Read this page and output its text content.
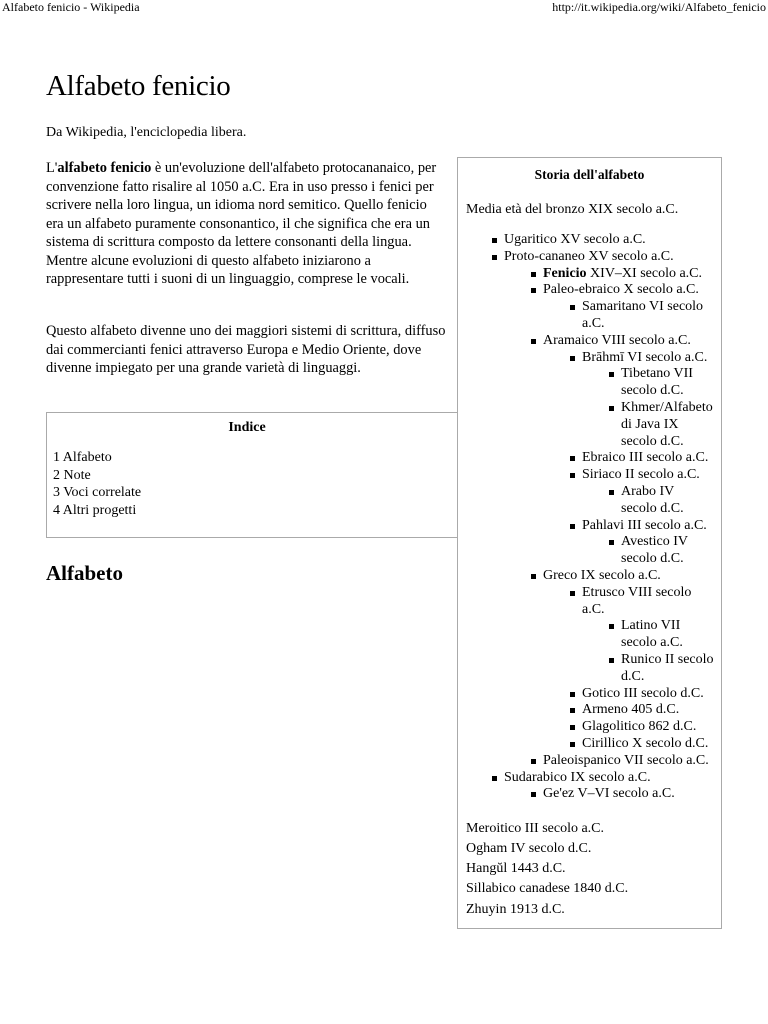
Alfabeto fenicio - Wikipedia	http://it.wikipedia.org/wiki/Alfabeto_fenicio
Alfabeto fenicio
Da Wikipedia, l'enciclopedia libera.

L'alfabeto fenicio è un'evoluzione dell'alfabeto protocananaico, per convenzione fatto risalire al 1050 a.C. Era in uso presso i fenici per scrivere nella loro lingua, un idioma nord semitico. Quello fenicio era un alfabeto puramente consonantico, il che significa che era un sistema di scrittura composto da lettere consonanti della lingua. Mentre alcune evoluzioni di questo alfabeto iniziarono a rappresentare tutti i suoni di un linguaggio, comprese le vocali.

Questo alfabeto divenne uno dei maggiori sistemi di scrittura, diffuso dai commercianti fenici attraverso Europa e Medio Oriente, dove divenne impiegato per una grande varietà di linguaggi.

Indice
1 Alfabeto
2 Note
3 Voci correlate
4 Altri progetti
Alfabeto
Storia dell'alfabeto
Media età del bronzo XIX secolo a.C.
Ugaritico XV secolo a.C.
Proto-cananeo XV secolo a.C.
Fenicio XIV–XI secolo a.C.
Paleo-ebraico X secolo a.C.
Samaritano VI secolo
a.C.
Aramaico VIII secolo a.C.
Brāhmī VI secolo a.C.
Tibetano VII
secolo d.C.
Khmer/Alfabeto
di Java IX
secolo d.C.
Ebraico III secolo a.C.
Siriaco II secolo a.C.
Arabo IV
secolo d.C.
Pahlavi III secolo a.C.
Avestico IV
secolo d.C.
Greco IX secolo a.C.
Etrusco VIII secolo
a.C.
Latino VII
secolo a.C.
Runico II secolo
d.C.
Gotico III secolo d.C.
Armeno 405 d.C.
Glagolitico 862 d.C.
Cirillico X secolo d.C.
Paleoispanico VII secolo a.C.
Sudarabico IX secolo a.C.
Ge'ez V–VI secolo a.C.
Meroitico III secolo a.C.
Ogham IV secolo d.C.
Hangŭl 1443 d.C.
Sillabico canadese 1840 d.C.
Zhuyin 1913 d.C.
